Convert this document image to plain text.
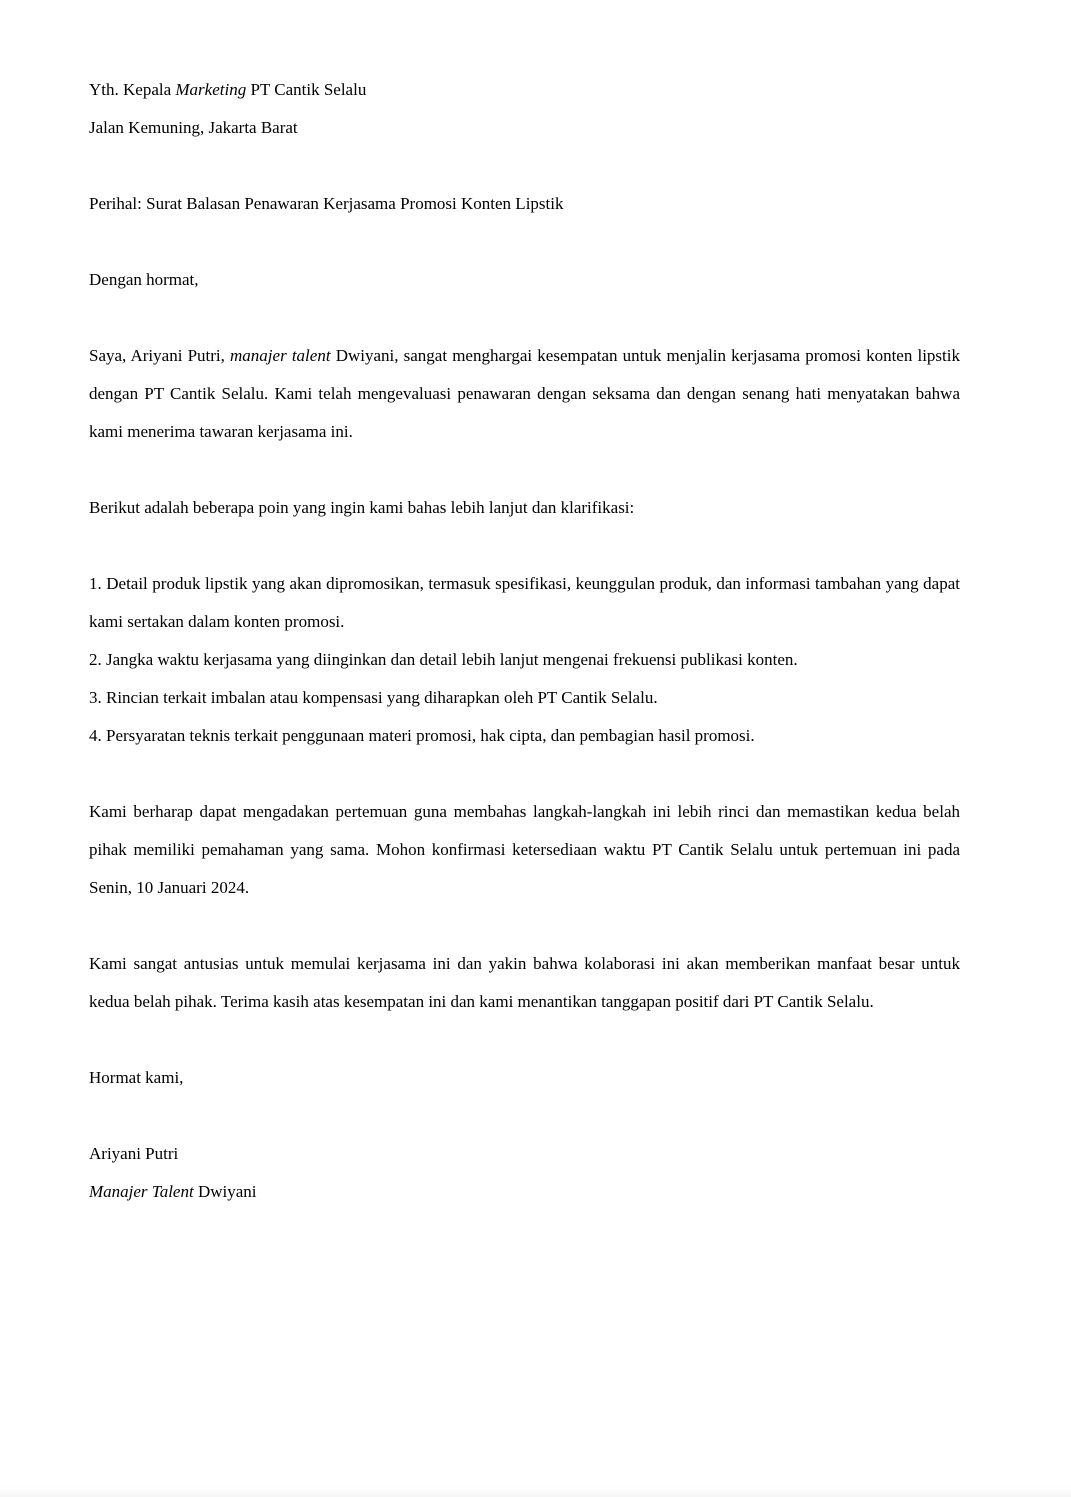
Yth. Kepala Marketing PT Cantik Selalu

Jalan Kemuning, Jakarta Barat

Perihal: Surat Balasan Penawaran Kerjasama Promosi Konten Lipstik

Dengan hormat,

Saya, Ariyani Putri, manajer talent Dwiyani, sangat menghargai kesempatan untuk menjalin kerjasama promosi konten lipstik dengan PT Cantik Selalu. Kami telah mengevaluasi penawaran dengan seksama dan dengan senang hati menyatakan bahwa kami menerima tawaran kerjasama ini.

Berikut adalah beberapa poin yang ingin kami bahas lebih lanjut dan klarifikasi:

1. Detail produk lipstik yang akan dipromosikan, termasuk spesifikasi, keunggulan produk, dan informasi tambahan yang dapat kami sertakan dalam konten promosi.

2. Jangka waktu kerjasama yang diinginkan dan detail lebih lanjut mengenai frekuensi publikasi konten.

3. Rincian terkait imbalan atau kompensasi yang diharapkan oleh PT Cantik Selalu.

4. Persyaratan teknis terkait penggunaan materi promosi, hak cipta, dan pembagian hasil promosi.

Kami berharap dapat mengadakan pertemuan guna membahas langkah-langkah ini lebih rinci dan memastikan kedua belah pihak memiliki pemahaman yang sama. Mohon konfirmasi ketersediaan waktu PT Cantik Selalu untuk pertemuan ini pada Senin, 10 Januari 2024.

Kami sangat antusias untuk memulai kerjasama ini dan yakin bahwa kolaborasi ini akan memberikan manfaat besar untuk kedua belah pihak. Terima kasih atas kesempatan ini dan kami menantikan tanggapan positif dari PT Cantik Selalu.

Hormat kami,

Ariyani Putri

Manajer Talent Dwiyani
